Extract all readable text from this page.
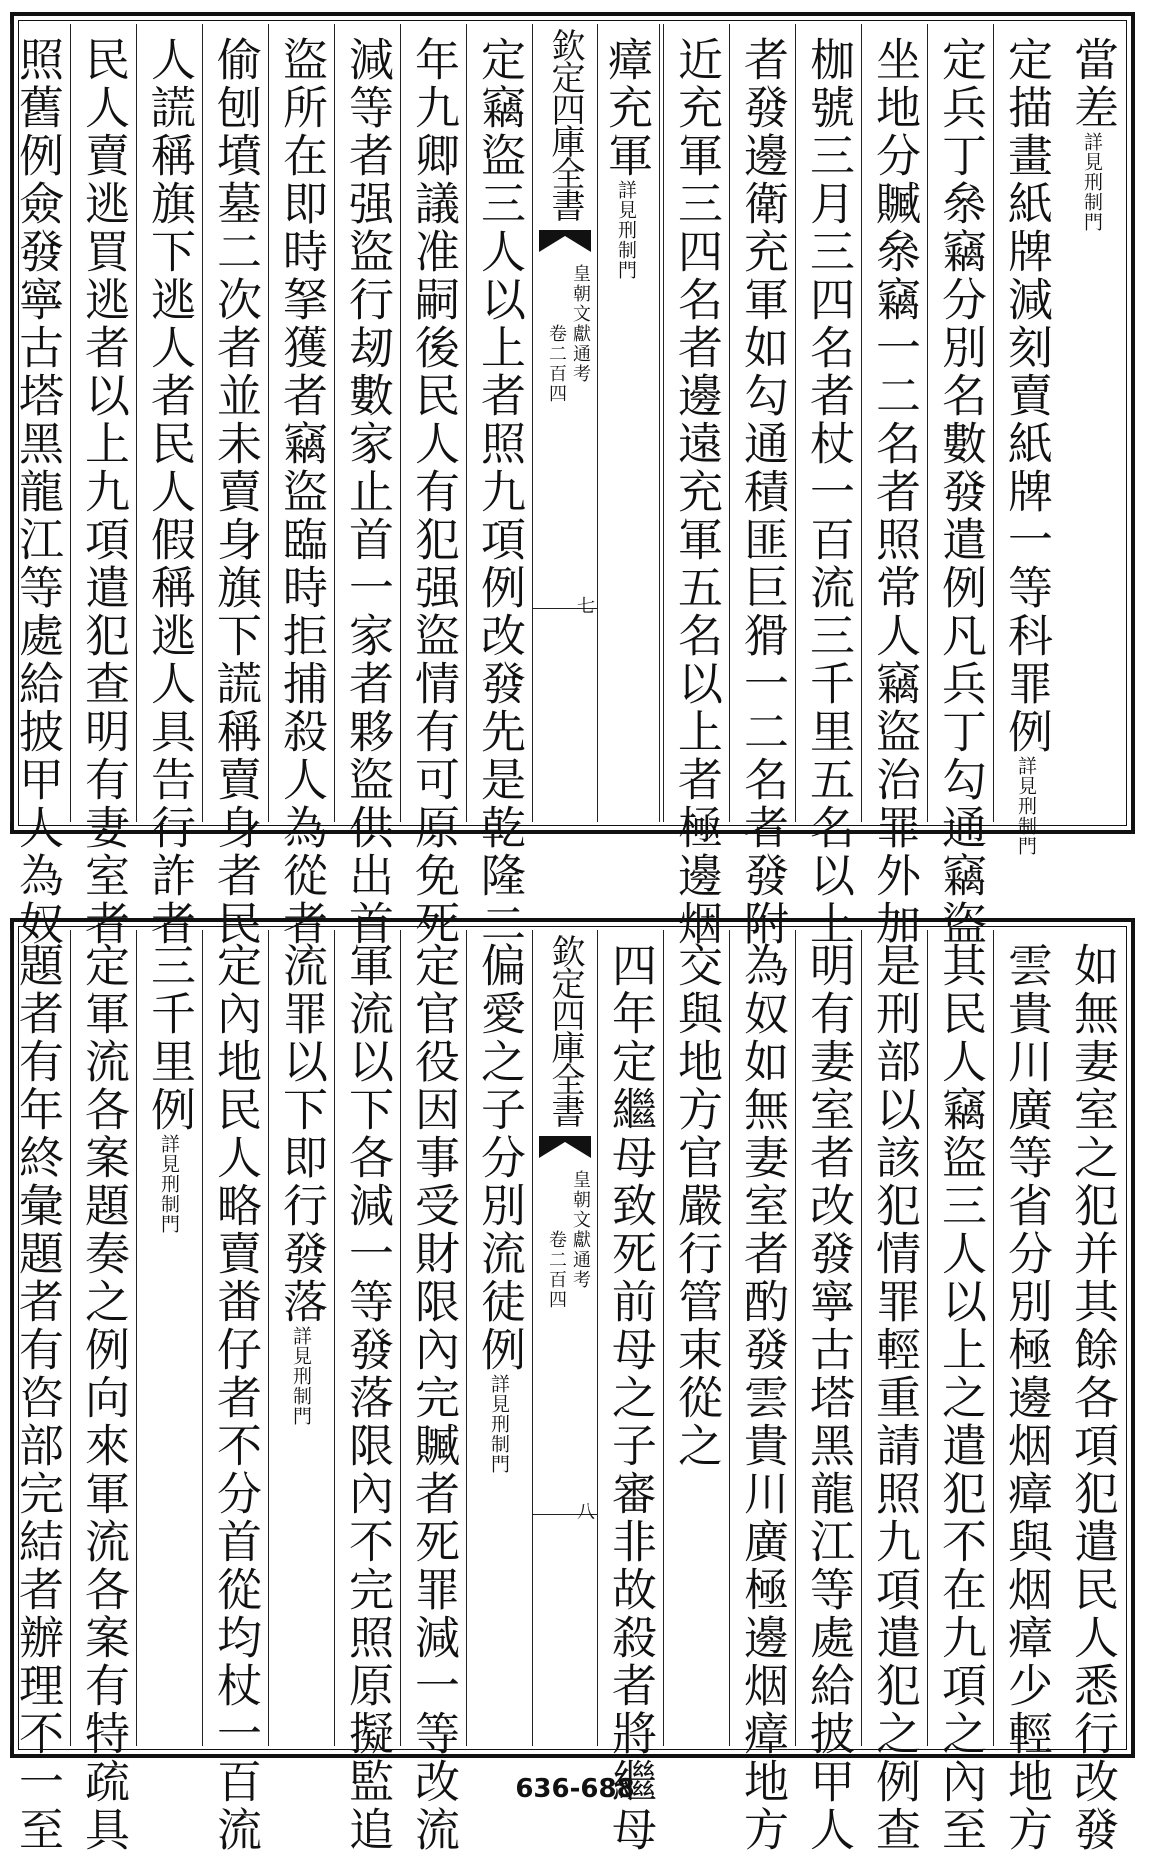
當差詳見刑制門
定描畫紙牌減刻賣紙牌一等科罪例詳見刑制門
定兵丁㕘竊分別名數發遣例凡兵丁勾通竊盜
坐地分贓㕘竊一二名者照常人竊盜治罪外加
枷號三月三四名者杖一百流三千里五名以上
者發邊衛充軍如勾通積匪巨猾一二名者發附
近充軍三四名者邊遠充軍五名以上者極邊烟
瘴充軍詳見刑制門
欽定四庫全書
皇朝文獻通考
卷二百四
七
定竊盜三人以上者照九項例改發先是乾隆二
年九卿議准嗣後民人有犯强盜情有可原免死
減等者强盜行刼數家止首一家者夥盜供出首
盜所在即時拏獲者竊盜臨時拒捕殺人為從者
偷刨墳墓二次者並未賣身旗下謊稱賣身者民
人謊稱旗下逃人者民人假稱逃人具告行詐者
民人賣逃買逃者以上九項遣犯查明有妻室者
照舊例僉發寧古塔黑龍江等處給披甲人為奴
如無妻室之犯并其餘各項犯遣民人悉行改發
雲貴川廣等省分別極邊烟瘴與烟瘴少輕地方
其民人竊盜三人以上之遣犯不在九項之內至
是刑部以該犯情罪輕重請照九項遣犯之例查
明有妻室者改發寧古塔黑龍江等處給披甲人
為奴如無妻室者酌發雲貴川廣極邊烟瘴地方
交與地方官嚴行管束從之
四年定繼母致死前母之子審非故殺者將繼母
欽定四庫全書
皇朝文獻通考
卷二百四
八
偏愛之子分別流徒例詳見刑制門
定官役因事受財限內完贓者死罪減一等改流
軍流以下各減一等發落限內不完照原擬監追
流罪以下即行發落詳見刑制門
定內地民人略賣畨仔者不分首從均杖一百流
三千里例詳見刑制門
定軍流各案題奏之例向來軍流各案有特疏具
題者有年終彙題者有咨部完結者辦理不一至	636-688
